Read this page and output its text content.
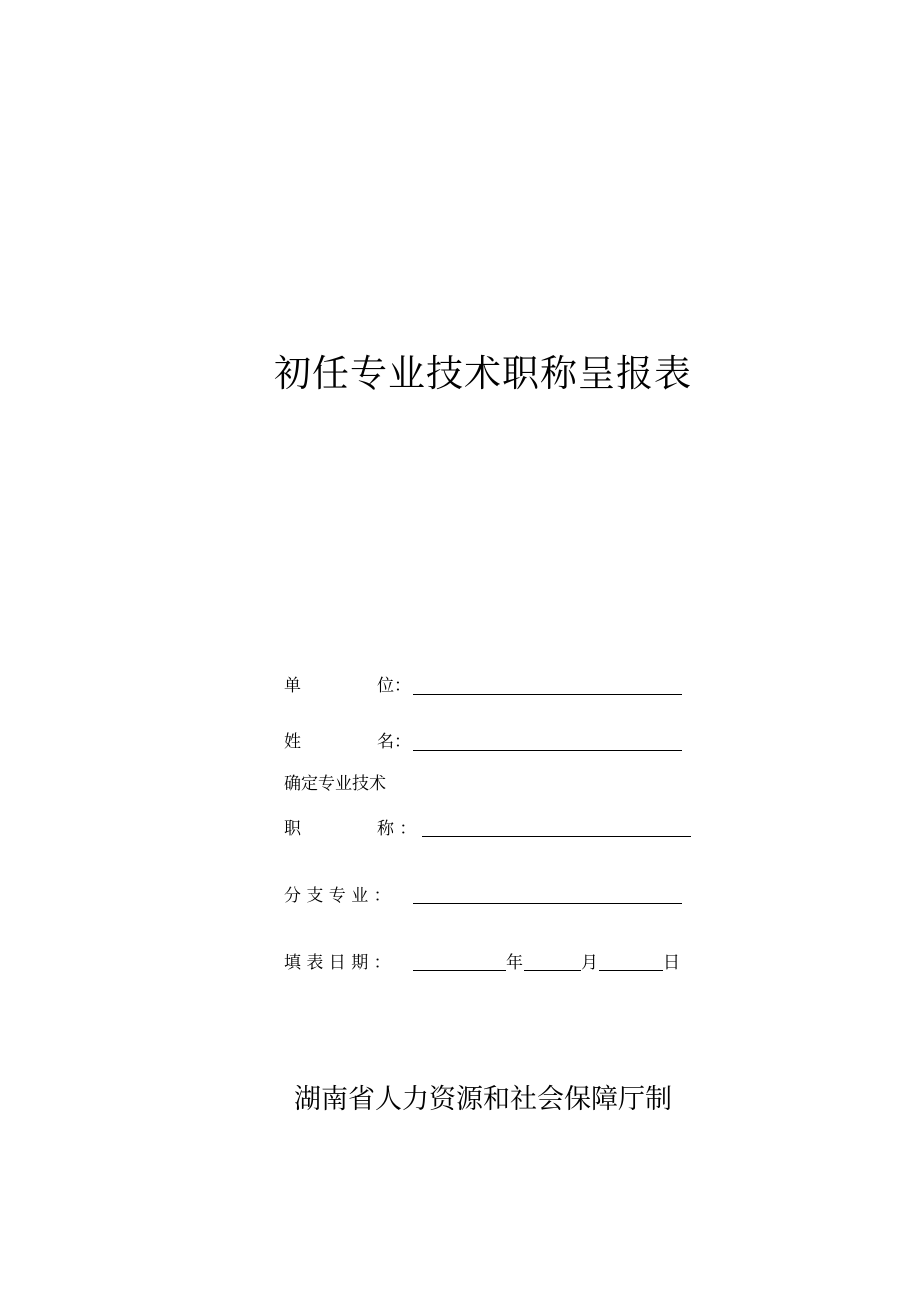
初任专业技术职称呈报表
单	位：
姓	名：
确定专业技术
职	称 ：
分 支 专 业 ：
填 表 日 期 ：	年	月	日
湖南省人力资源和社会保障厅制
